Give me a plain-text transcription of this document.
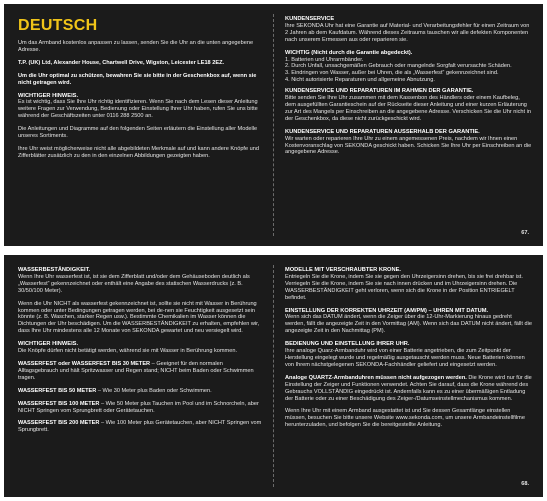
DEUTSCH

Um das Armband kostenlos anpassen zu lassen, senden Sie die Uhr an die unten angegebene Adresse.

T.P. (UK) Ltd, Alexander House, Chartwell Drive, Wigston, Leicester LE18 2EZ.

Um die Uhr optimal zu schützen, bewahren Sie sie bitte in der Geschenkbox auf, wenn sie nicht getragen wird.

WICHTIGER HINWEIS.

Es ist wichtig, dass Sie Ihre Uhr richtig identifizieren. Wenn Sie nach dem Lesen dieser Anleitung weitere Fragen zur Verwendung, Bedienung oder Einstellung Ihrer Uhr haben, rufen Sie uns bitte während der Geschäftszeiten unter 0116 288 2500 an.

Die Anleitungen und Diagramme auf den folgenden Seiten erläutern die Einstellung aller Modelle unseres Sortiments.

Ihre Uhr weist möglicherweise nicht alle abgebildeten Merkmale auf und kann andere Knöpfe und Zifferblätter zusätzlich zu den in den einzelnen Abbildungen gezeigten haben.

KUNDENSERVICE

Ihre SEKONDA Uhr hat eine Garantie auf Material- und Verarbeitungsfehler für einen Zeitraum von 2 Jahren ab dem Kaufdatum. Während dieses Zeitraums tauschen wir alle defekten Komponenten nach unserem Ermessen aus oder reparieren sie.

WICHTIG (Nicht durch die Garantie abgedeckt).
1. Batterien und Uhrarmbänder.
2. Durch Unfall, unsachgemäßen Gebrauch oder mangelnde Sorgfalt verursachte Schäden.
3. Eindringen von Wasser, außer bei Uhren, die als „Wasserfest“ gekennzeichnet sind.
4. Nicht autorisierte Reparaturen und allgemeine Abnutzung.
KUNDENSERVICE UND REPARATUREN IM RAHMEN DER GARANTIE.

Bitte senden Sie Ihre Uhr zusammen mit dem Kassenbon des Händlers oder einem Kaufbeleg, dem ausgefüllten Garantieschein auf der Rückseite dieser Anleitung und einer kurzen Erläuterung zur Art des Mangels per Einschreiben an die angegebene Adresse. Verschicken Sie die Uhr nicht in der Geschenkbox, da diese nicht zurückgeschickt wird.

KUNDENSERVICE UND REPARATUREN AUSSERHALB DER GARANTIE.

Wir warten oder reparieren Ihre Uhr zu einem angemessenen Preis, nachdem wir Ihnen einen Kostenvoranschlag von SEKONDA geschickt haben. Schicken Sie Ihre Uhr per Einschreiben an die angegebene Adresse.

67.
WASSERBESTÄNDIGKEIT.

Wenn Ihre Uhr wasserfest ist, ist sie dem Zifferblatt und/oder dem Gehäuseboden deutlich als „Wasserfest“ gekennzeichnet oder enthält eine Angabe des statischen Wasserdrucks (z. B. 30/50/100 Meter).

Wenn die Uhr NICHT als wasserfest gekennzeichnet ist, sollte sie nicht mit Wasser in Berührung kommen oder unter Bedingungen getragen werden, bei de-nen sie Feuchtigkeit ausgesetzt sein könnte (z. B. Waschen, starker Regen usw.). Bestimmte Chemikalien im Wasser können die Dichtungen der Uhr beschädigen. Um die WASSERBESTÄNDIGKEIT zu erhalten, empfehlen wir, dass Ihre Uhr mindestens alle 12 Monate von SEKONDA gewartet und neu versiegelt wird.

WICHTIGER HINWEIS.

Die Knöpfe dürfen nicht betätigt werden, während sie mit Wasser in Berührung kommen.

WASSERFEST oder WASSERFEST BIS 30 METER – Geeignet für den normalen Alltagsgebrauch und hält Spritzwasser und Regen stand; NICHT beim Baden oder Schwimmen tragen.

WASSERFEST BIS 50 METER – Wie 30 Meter plus Baden oder Schwimmen.

WASSERFEST BIS 100 METER – Wie 50 Meter plus Tauchen im Pool und im Schnorcheln, aber NICHT Springen vom Sprungbrett oder Gerätetauchen.

WASSERFEST BIS 200 METER – Wie 100 Meter plus Gerätetauchen, aber NICHT Springen vom Sprungbrett.

MODELLE MIT VERSCHRAUBTER KRONE.

Entriegeln Sie die Krone, indem Sie sie gegen den Uhrzeigersinn drehen, bis sie frei drehbar ist. Verriegeln Sie die Krone, indem Sie sie nach innen drücken und im Uhrzeigersinn drehen. Die WASSERBESTÄNDIGKEIT geht verloren, wenn sich die Krone in der Position ENTRIEGELT befindet.

EINSTELLUNG DER KORREKTEN UHRZEIT (AM/PM) – UHREN MIT DATUM.

Wenn sich das DATUM ändert, wenn die Zeiger über die 12-Uhr-Markierung hinaus gedreht werden, fällt die angezeigte Zeit in den Vormittag (AM). Wenn sich das DATUM nicht ändert, fällt die angezeigte Zeit in den Nachmittag (PM).

BEDIENUNG UND EINSTELLUNG IHRER UHR.

Ihre analoge Quarz-Armbanduhr wird von einer Batterie angetrieben, die zum Zeitpunkt der Herstellung eingelegt wurde und regelmäßig ausgetauscht werden muss. Neue Batterien können von Ihrem nächstgelegenen SEKONDA-Fachhändler geliefert und eingesetzt werden.

Analoge QUARTZ-Armbanduhren müssen nicht aufgezogen werden. Die Krone wird nur für die Einstellung der Zeiger und Funktionen verwendet. Achten Sie darauf, dass die Krone während des Gebrauchs VOLLSTÄNDIG eingedrückt ist. Andernfalls kann es zu einer übermäßigen Entladung der Batterie oder zu einer Beschädigung des Zeiger-/Datumseinstellmechanismus kommen.

Wenn Ihre Uhr mit einem Armband ausgestattet ist und Sie dessen Gesamtlänge einstellen müssen, besuchen Sie bitte unsere Website www.sekonda.com, um unsere Armbandeinstellfilme herunterzuladen, und befolgen Sie die bereitgestellte Anleitung.

68.
